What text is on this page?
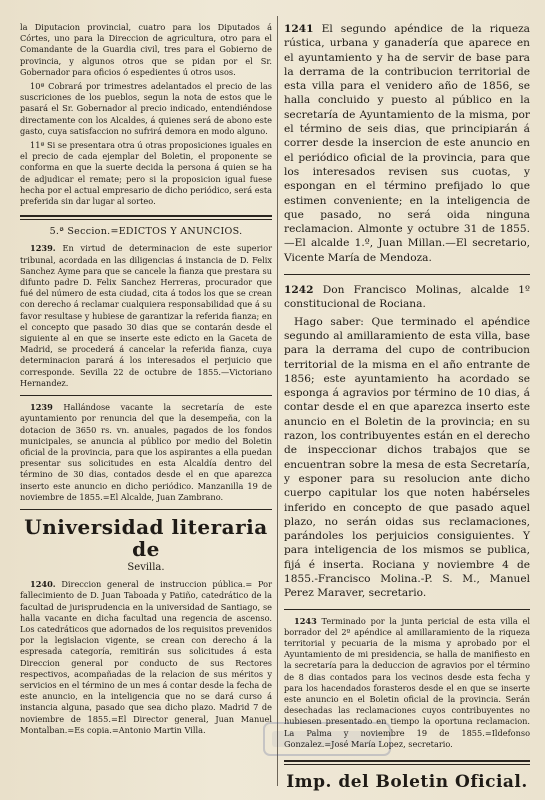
la Diputacion provincial, cuatro para los Diputados á Córtes, uno para la Direccion de agricultura, otro para el Comandante de la Guardia civil, tres para el Gobierno de provincia, y algunos otros que se pidan por el Sr. Gobernador para oficios ó espedientes ú otros usos.

10ª Cobrará por trimestres adelantados el precio de las suscriciones de los pueblos, segun la nota de estos que le pasará el Sr. Gobernador al precio indicado, entendiéndose directamente con los Alcaldes, á quienes será de abono este gasto, cuya satisfaccion no sufrirá demora en modo alguno.

11ª Si se presentara otra ú otras proposiciones iguales en el precio de cada ejemplar del Boletin, el proponente se conforma en que la suerte decida la persona á quien se ha de adjudicar el remate; pero si la proposicion igual fuese hecha por el actual empresario de dicho periódico, será esta preferida sin dar lugar al sorteo.

5.ª Seccion.=EDICTOS Y ANUNCIOS.

1239. En virtud de determinacion de este superior tribunal, acordada en las diligencias á instancia de D. Felix Sanchez Ayme para que se cancele la fianza que prestara su difunto padre D. Felix Sanchez Herreras, procurador que fué del número de esta ciudad, cita á todos los que se crean con derecho á reclamar cualquiera responsabilidad que á su favor resultase y hubiese de garantizar la referida fianza; en el concepto que pasado 30 dias que se contarán desde el siguiente al en que se inserte este edicto en la Gaceta de Madrid, se procederá á cancelar la referida fianza, cuya determinacion parará á los interesados el perjuicio que corresponde. Sevilla 22 de octubre de 1855.—Victoriano Hernandez.

1239 Hallándose vacante la secretaría de este ayuntamiento por renuncia del que la desempeña, con la dotacion de 3650 rs. vn. anuales, pagados de los fondos municipales, se anuncia al público por medio del Boletin oficial de la provincia, para que los aspirantes a ella puedan presentar sus solicitudes en esta Alcaldía dentro del término de 30 dias, contados desde el en que aparezca inserto este anuncio en dicho periódico. Manzanilla 19 de noviembre de 1855.=El Alcalde, Juan Zambrano.

Universidad literaria de
Sevilla.

1240. Direccion general de instruccion pública.= Por fallecimiento de D. Juan Taboada y Patiño, catedrático de la facultad de jurisprudencia en la universidad de Santiago, se halla vacante en dicha facultad una regencia de ascenso. Los catedráticos que adornados de los requisitos prevenidos por la legislacion vigente, se crean con derecho á la espresada categoría, remitirán sus solicitudes á esta Direccion general por conducto de sus Rectores respectivos, acompañadas de la relacion de sus méritos y servicios en el término de un mes á contar desde la fecha de este anuncio, en la inteligencia que no se dará curso á instancia alguna, pasado que sea dicho plazo. Madrid 7 de noviembre de 1855.=El Director general, Juan Manuel Montalban.=Es copia.=Antonio Martin Villa.

1241 El segundo apéndice de la riqueza rústica, urbana y ganadería que aparece en el ayuntamiento y ha de servir de base para la derrama de la contribucion territorial de esta villa para el venidero año de 1856, se halla concluido y puesto al público en la secretaría de Ayuntamiento de la misma, por el término de seis dias, que principiarán á correr desde la insercion de este anuncio en el periódico oficial de la provincia, para que los interesados revisen sus cuotas, y espongan en el término prefijado lo que estimen conveniente; en la inteligencia de que pasado, no será oida ninguna reclamacion. Almonte y octubre 31 de 1855.—El alcalde 1.º, Juan Millan.—El secretario, Vicente María de Mendoza.

1242 Don Francisco Molinas, alcalde 1º constitucional de Rociana.

Hago saber: Que terminado el apéndice segundo al amillaramiento de esta villa, base para la derrama del cupo de contribucion territorial de la misma en el año entrante de 1856; este ayuntamiento ha acordado se esponga á agravios por término de 10 dias, á contar desde el en que aparezca inserto este anuncio en el Boletin de la provincia; en su razon, los contribuyentes están en el derecho de inspeccionar dichos trabajos que se encuentran sobre la mesa de esta Secretaría, y esponer para su resolucion ante dicho cuerpo capitular los que noten habérseles inferido en concepto de que pasado aquel plazo, no serán oidas sus reclamaciones, parándoles los perjuicios consiguientes. Y para inteligencia de los mismos se publica, fijá é inserta. Rociana y noviembre 4 de 1855.-Francisco Molina.-P. S. M., Manuel Perez Maraver, secretario.

1243 Terminado por la junta pericial de esta villa el borrador del 2º apéndice al amillaramiento de la riqueza territorial y pecuaria de la misma y aprobado por el Ayuntamiento de mi presidencia, se halla de manifiesto en la secretaría para la deduccion de agravios por el término de 8 dias contados para los vecinos desde esta fecha y para los hacendados forasteros desde el en que se inserte este anuncio en el Boletin oficial de la provincia. Serán desechadas las reclamaciones cuyos contribuyentes no hubiesen presentado en tiempo la oportuna reclamacion. La Palma y noviembre 19 de 1855.=Ildefonso Gonzalez.=José María Lopez, secretario.

Imp. del Boletin Oficial.
